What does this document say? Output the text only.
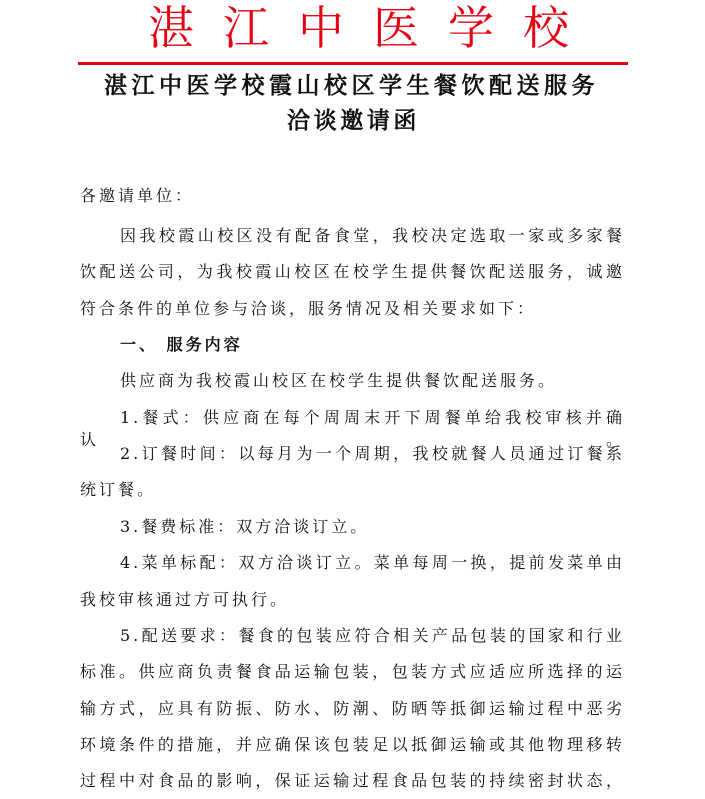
湛江中医学校
湛江中医学校霞山校区学生餐饮配送服务
洽谈邀请函
各邀请单位：
因我校霞山校区没有配备食堂，我校决定选取一家或多家餐
饮配送公司，为我校霞山校区在校学生提供餐饮配送服务，诚邀
符合条件的单位参与洽谈，服务情况及相关要求如下：
一、 服务内容
供应商为我校霞山校区在校学生提供餐饮配送服务。
1.餐式：供应商在每个周周末开下周餐单给我校审核并确认。
2.订餐时间：以每月为一个周期，我校就餐人员通过订餐系
统订餐。
3.餐费标准：双方洽谈订立。
4.菜单标配：双方洽谈订立。菜单每周一换，提前发菜单由
我校审核通过方可执行。
5.配送要求：餐食的包装应符合相关产品包装的国家和行业
标准。供应商负责餐食品运输包装，包装方式应适应所选择的运
输方式，应具有防振、防水、防潮、防晒等抵御运输过程中恶劣
环境条件的措施，并应确保该包装足以抵御运输或其他物理移转
过程中对食品的影响，保证运输过程食品包装的持续密封状态，
